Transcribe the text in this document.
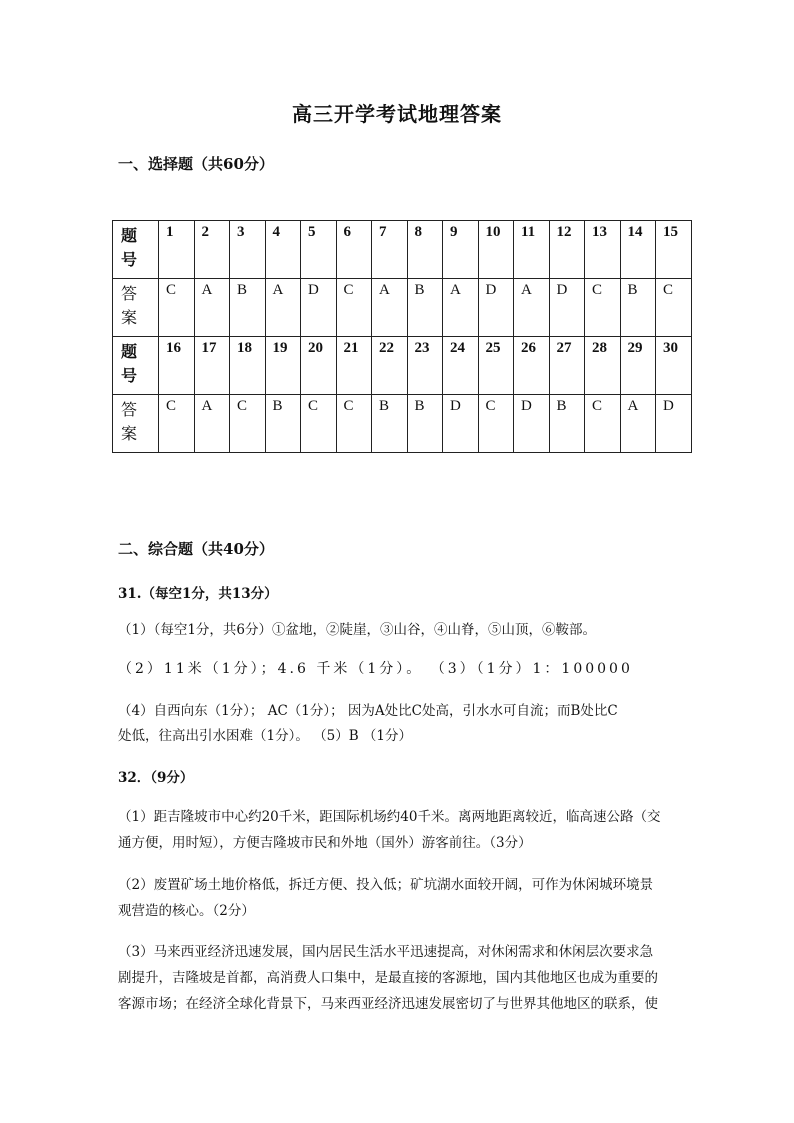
高三开学考试地理答案
一、选择题（共60分）
题
号	1	2	3	4	5	6	7	8	9	10	11	12	13	14	15

答
案	C	A	B	A	D	C	A	B	A	D	A	D	C	B	C

题
号	16	17	18	19	20	21	22	23	24	25	26	27	28	29	30

答
案	C	A	C	B	C	C	B	B	D	C	D	B	C	A	D
二、综合题（共40分）
31.（每空1分，共13分）
（1）（每空1分，共6分）①盆地，②陡崖，③山谷，④山脊，⑤山顶，⑥鞍部。
（2）11米（1分）；4.6 千米（1分）。 （3）（1分）1：100000
（4）自西向东（1分）； AC（1分）； 因为A处比C处高，引水水可自流；而B处比C
处低，往高出引水困难（1分）。 （5）B （1分）
32．（9分）
（1）距吉隆坡市中心约20千米，距国际机场约40千米。离两地距离较近，临高速公路（交
通方便，用时短），方便吉隆坡市民和外地（国外）游客前往。（3分）
（2）废置矿场土地价格低，拆迁方便、投入低；矿坑湖水面较开阔，可作为休闲城环境景
观营造的核心。（2分）
（3）马来西亚经济迅速发展，国内居民生活水平迅速提高，对休闲需求和休闲层次要求急
剧提升，吉隆坡是首都，高消费人口集中，是最直接的客源地，国内其他地区也成为重要的
客源市场；在经济全球化背景下，马来西亚经济迅速发展密切了与世界其他地区的联系，使
